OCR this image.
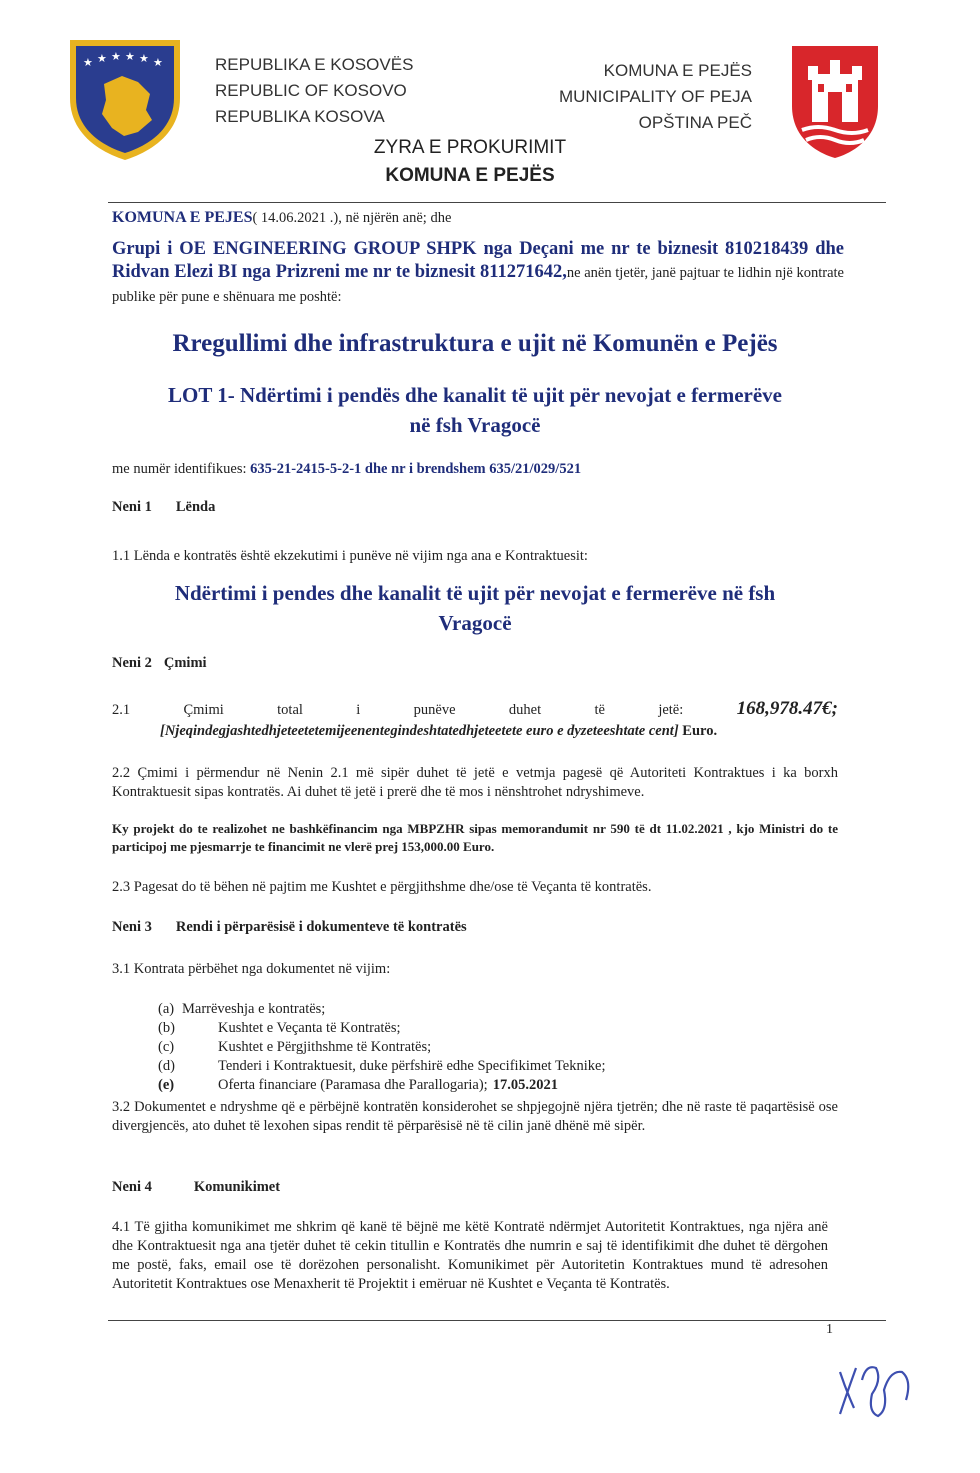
★ ★ ★ ★ ★ ★	REPUBLIKA E KOSOVËS
REPUBLIC OF KOSOVO
REPUBLIKA KOSOVA
KOMUNA E PEJËS
MUNICIPALITY OF PEJA
OPŠTINA PEČ
ZYRA E PROKURIMIT
KOMUNA E PEJËS
KOMUNA E PEJES( 14.06.2021 .), në njërën anë; dhe
Grupi i OE ENGINEERING GROUP SHPK nga Deçani me nr te biznesit 810218439 dhe Ridvan Elezi BI nga Prizreni me nr te biznesit 811271642,ne anën tjetër, janë pajtuar te lidhin një kontrate publike për pune e shënuara me poshtë:
Rregullimi dhe infrastruktura e ujit në Komunën e Pejës
LOT 1- Ndërtimi i pendës dhe kanalit të ujit për nevojat e fermerëve
në fsh Vragocë
me numër identifikues: 635-21-2415-5-2-1 dhe nr i brendshem 635/21/029/521
Neni 1 Lënda
1.1 Lënda e kontratës është ekzekutimi i punëve në vijim nga ana e Kontraktuesit:
Ndërtimi i pendes dhe kanalit të ujit për nevojat e fermerëve në fsh
Vragocë
Neni 2 Çmimi
2.1	Çmimi	total	i	punëve	duhet	të	jetë:	168,978.47€;
[Njeqindegjashtedhjeteetetemijeenentegindeshtatedhjeteetete euro e dyzeteeshtate cent] Euro.
2.2 Çmimi i përmendur në Nenin 2.1 më sipër duhet të jetë e vetmja pagesë që Autoriteti Kontraktues i ka borxh Kontraktuesit sipas kontratës. Ai duhet të jetë i prerë dhe të mos i nënshtrohet ndryshimeve.
Ky projekt do te realizohet ne bashkëfinancim nga MBPZHR sipas memorandumit nr 590 të dt 11.02.2021 , kjo Ministri do te participoj me pjesmarrje te financimit ne vlerë prej 153,000.00 Euro.
2.3 Pagesat do të bëhen në pajtim me Kushtet e përgjithshme dhe/ose të Veçanta të kontratës.
Neni 3 Rendi i përparësisë i dokumenteve të kontratës
3.1 Kontrata përbëhet nga dokumentet në vijim:
Marrëveshja e kontratës;
(a)
(b)	Kushtet e Veçanta të Kontratës;
(c)	Kushtet e Përgjithshme të Kontratës;
(d)	Tenderi i Kontraktuesit, duke përfshirë edhe Specifikimet Teknike;
(e)	Oferta financiare (Paramasa dhe Parallogaria); 17.05.2021
3.2 Dokumentet e ndryshme që e përbëjnë kontratën konsiderohet se shpjegojnë njëra tjetrën; dhe në raste të paqartësisë ose divergjencës, ato duhet të lexohen sipas rendit të përparësisë në të cilin janë dhënë më sipër.
Neni 4	Komunikimet
4.1 Të gjitha komunikimet me shkrim që kanë të bëjnë me këtë Kontratë ndërmjet Autoritetit Kontraktues, nga njëra anë dhe Kontraktuesit nga ana tjetër duhet të cekin titullin e Kontratës dhe numrin e saj të identifikimit dhe duhet të dërgohen me postë, faks, email ose të dorëzohen personalisht. Komunikimet për Autoritetin Kontraktues mund të adresohen Autoritetit Kontraktues ose Menaxherit të Projektit i emëruar në Kushtet e Veçanta të Kontratës.
1
